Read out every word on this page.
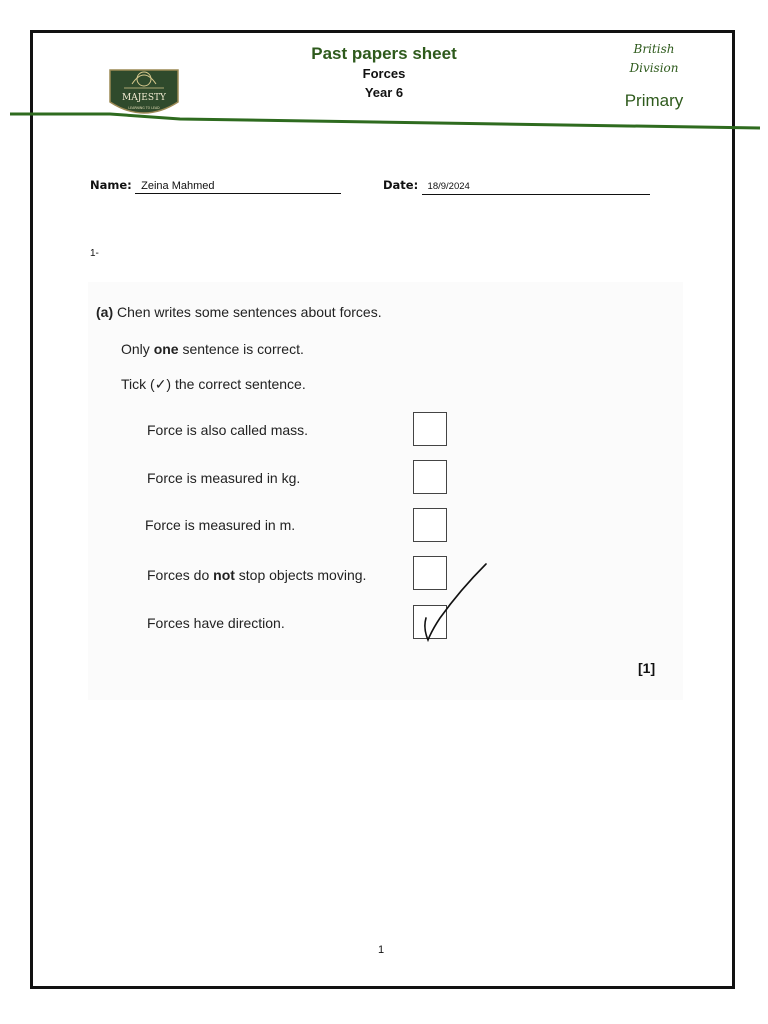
MAJESTY
LEARNING TO LEAD
Past papers sheet
Forces
Year 6
British
Division
Primary
Name: Zeina Mahmed	Date: 18/9/2024
1-
(a) Chen writes some sentences about forces.
Only one sentence is correct.
Tick (✓) the correct sentence.
Force is also called mass.
Force is measured in kg.
Force is measured in m.
Forces do not stop objects moving.
Forces have direction.
[1]
1
